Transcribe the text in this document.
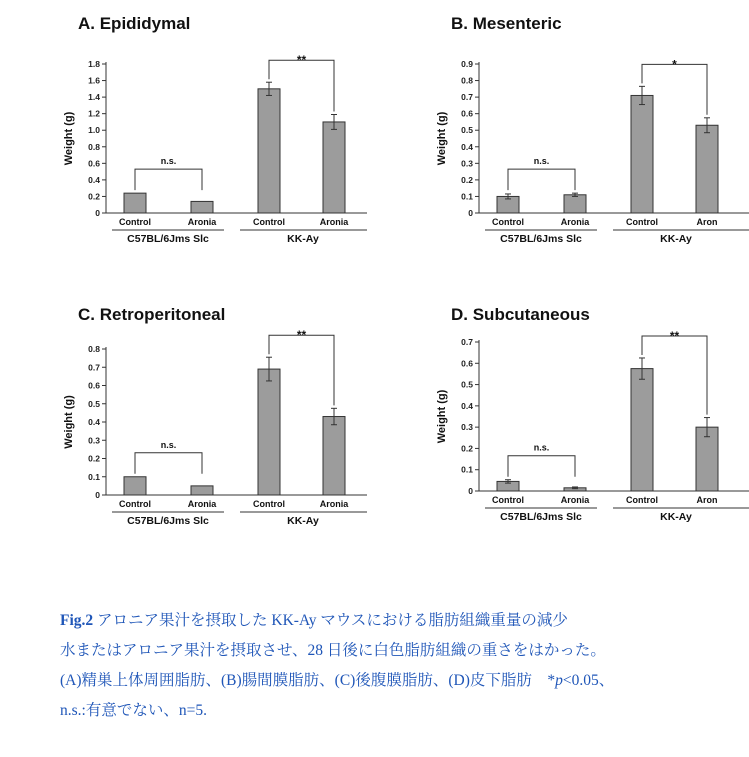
A. Epididymal
Weight (g)
0
0.2
0.4
0.6
0.8
1.0
1.2
1.4
1.6
1.8
Control	Aronia	Control	Aronia
C57BL/6Jms Slc	KK-Ay
n.s.
**
B. Mesenteric
Weight (g)
0
0.1
0.2
0.3
0.4
0.5
0.6
0.7
0.8
0.9
Control	Aronia	Control	Aron
C57BL/6Jms Slc	KK-Ay
n.s.
*
C. Retroperitoneal
Weight (g)
0
0.1
0.2
0.3
0.4
0.5
0.6
0.7
0.8
Control	Aronia	Control	Aronia
C57BL/6Jms Slc	KK-Ay
n.s.
**
D. Subcutaneous
Weight (g)
0
0.1
0.2
0.3
0.4
0.5
0.6
0.7
Control	Aronia	Control	Aron
C57BL/6Jms Slc	KK-Ay
n.s.
**
Fig.2 アロニア果汁を摂取した KK-Ay マウスにおける脂肪組織重量の減少
水またはアロニア果汁を摂取させ、28 日後に白色脂肪組織の重さをはかった。
(A)精巣上体周囲脂肪、(B)腸間膜脂肪、(C)後腹膜脂肪、(D)皮下脂肪　*p<0.05、
n.s.:有意でない、n=5.
